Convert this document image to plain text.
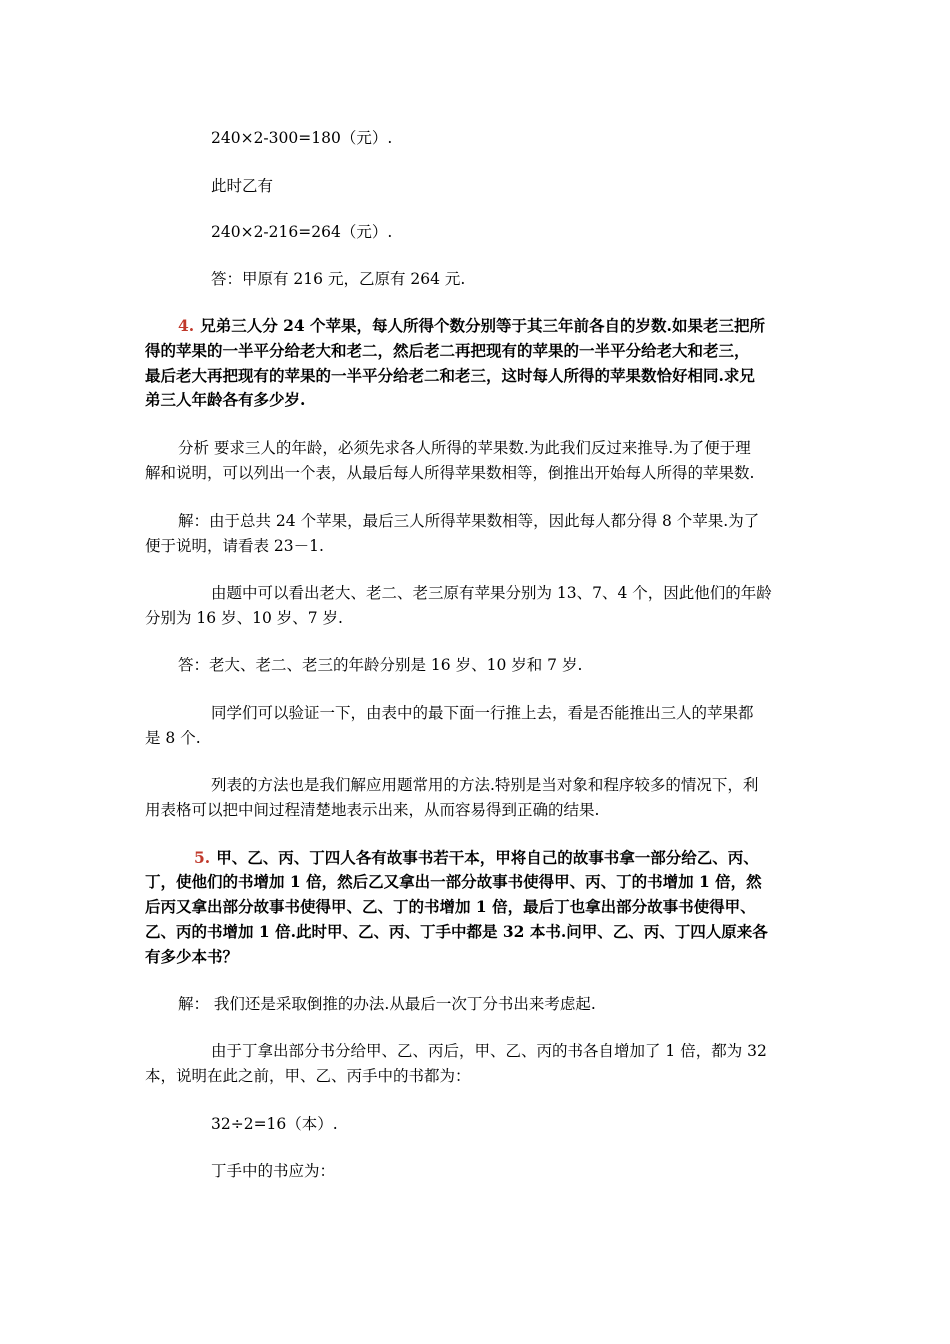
240×2-300=180（元）.
此时乙有
240×2-216=264（元）.
答：甲原有 216 元，乙原有 264 元.
4. 兄弟三人分 24 个苹果，每人所得个数分别等于其三年前各自的岁数.如果老三把所
得的苹果的一半平分给老大和老二，然后老二再把现有的苹果的一半平分给老大和老三，
最后老大再把现有的苹果的一半平分给老二和老三，这时每人所得的苹果数恰好相同.求兄
弟三人年龄各有多少岁.
分析 要求三人的年龄，必须先求各人所得的苹果数.为此我们反过来推导.为了便于理
解和说明，可以列出一个表，从最后每人所得苹果数相等，倒推出开始每人所得的苹果数.
解：由于总共 24 个苹果，最后三人所得苹果数相等，因此每人都分得 8 个苹果.为了
便于说明，请看表 23－1.
由题中可以看出老大、老二、老三原有苹果分别为 13、7、4 个，因此他们的年龄
分别为 16 岁、10 岁、7 岁.
答：老大、老二、老三的年龄分别是 16 岁、10 岁和 7 岁.
同学们可以验证一下，由表中的最下面一行推上去，看是否能推出三人的苹果都
是 8 个.
列表的方法也是我们解应用题常用的方法.特别是当对象和程序较多的情况下，利
用表格可以把中间过程清楚地表示出来，从而容易得到正确的结果.
5. 甲、乙、丙、丁四人各有故事书若干本，甲将自己的故事书拿一部分给乙、丙、
丁，使他们的书增加 1 倍，然后乙又拿出一部分故事书使得甲、丙、丁的书增加 1 倍，然
后丙又拿出部分故事书使得甲、乙、丁的书增加 1 倍，最后丁也拿出部分故事书使得甲、
乙、丙的书增加 1 倍.此时甲、乙、丙、丁手中都是 32 本书.问甲、乙、丙、丁四人原来各
有多少本书？
解： 我们还是采取倒推的办法.从最后一次丁分书出来考虑起.
由于丁拿出部分书分给甲、乙、丙后，甲、乙、丙的书各自增加了 1 倍，都为 32
本，说明在此之前，甲、乙、丙手中的书都为：
32÷2=16（本）.
丁手中的书应为：
